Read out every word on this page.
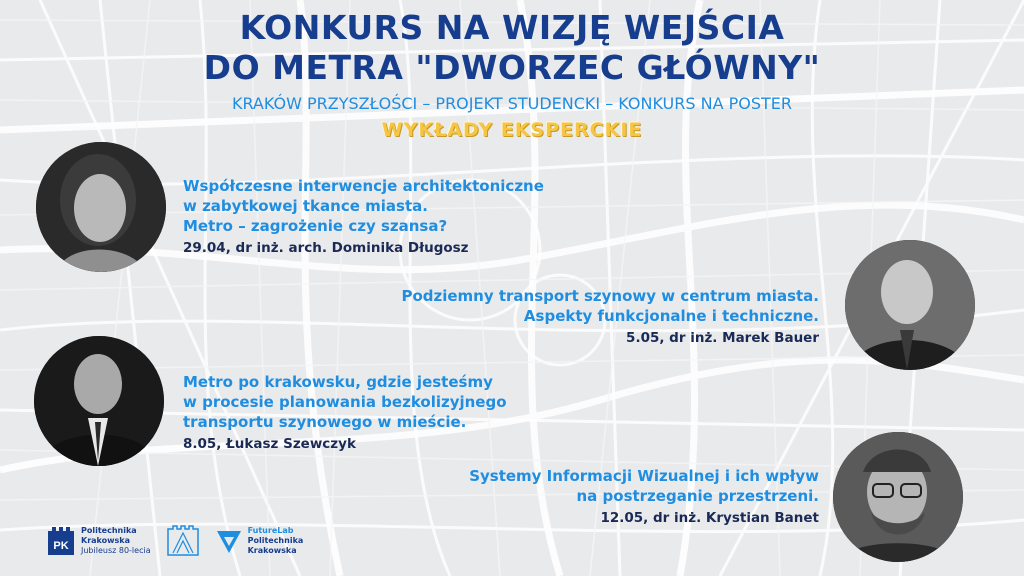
KONKURS NA WIZJĘ WEJŚCIA
DO METRA "DWORZEC GŁÓWNY"
KRAKÓW PRZYSZŁOŚCI – PROJEKT STUDENCKI – KONKURS NA POSTER
WYKŁADY EKSPERCKIE
Współczesne interwencje architektoniczne
w zabytkowej tkance miasta.
Metro – zagrożenie czy szansa?
29.04, dr inż. arch. Dominika Długosz
Podziemny transport szynowy w centrum miasta.
Aspekty funkcjonalne i techniczne.
5.05, dr inż. Marek Bauer
Metro po krakowsku, gdzie jesteśmy
w procesie planowania bezkolizyjnego
transportu szynowego w mieście.
8.05, Łukasz Szewczyk
Systemy Informacji Wizualnej i ich wpływ
na postrzeganie przestrzeni.
12.05, dr inż. Krystian Banet
PK
Politechnika
Krakowska
Jubileusz 80-lecia
FutureLab
Politechnika
Krakowska
